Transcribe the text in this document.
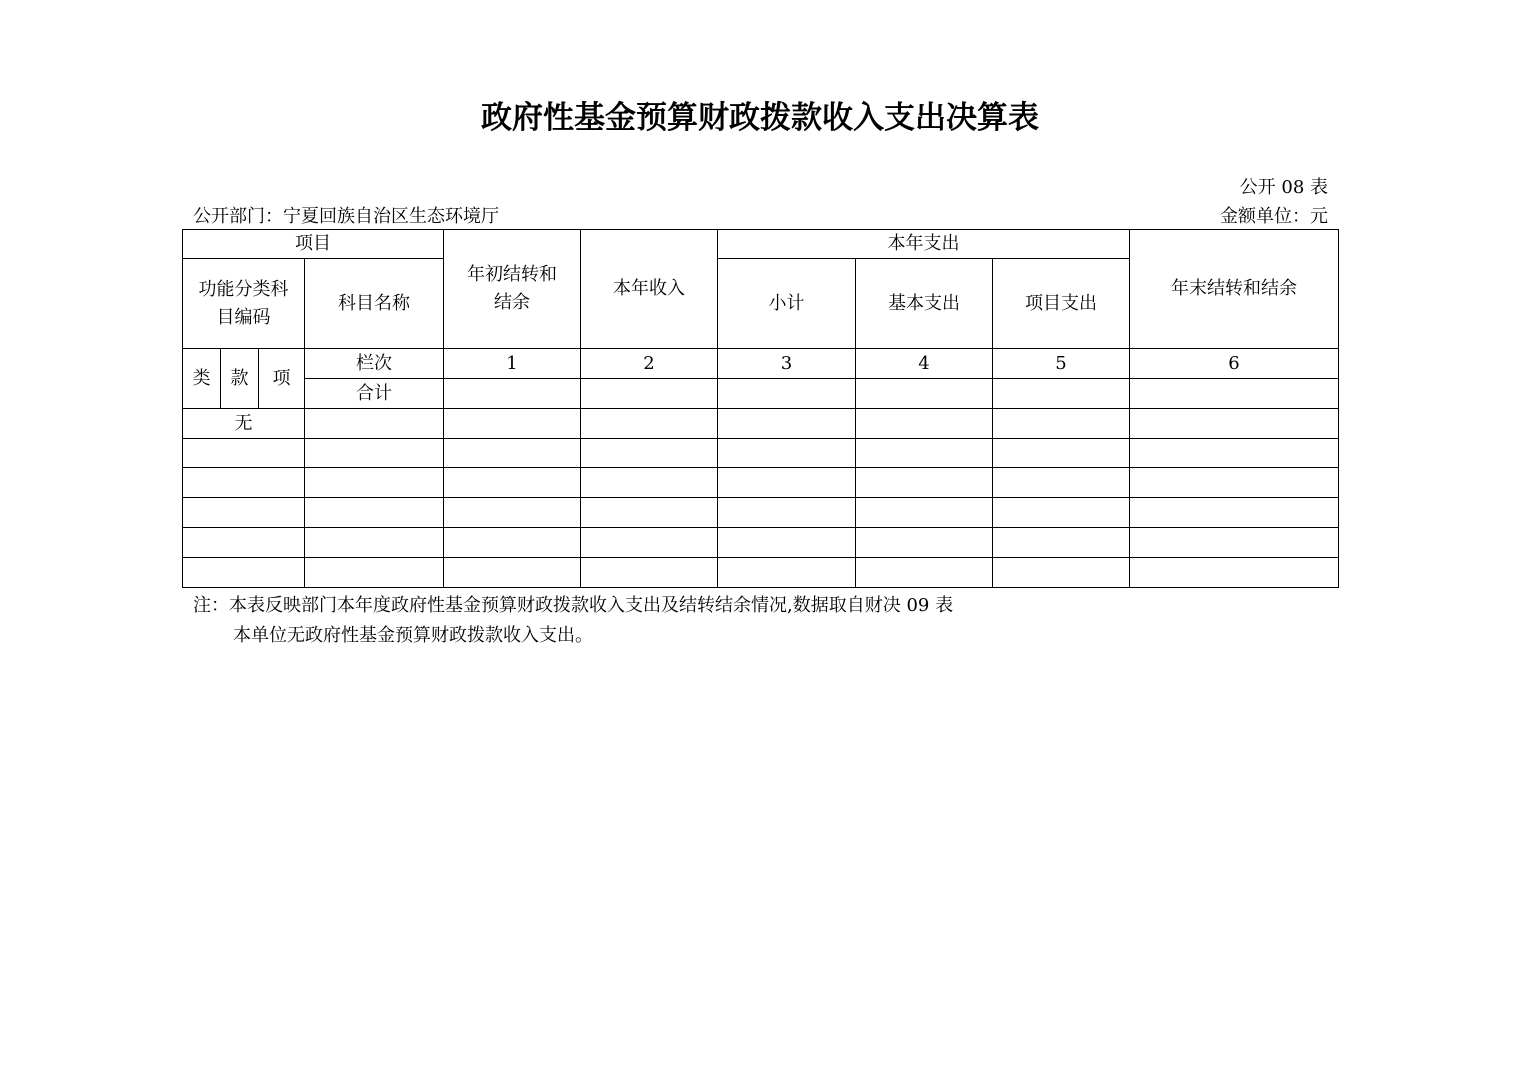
政府性基金预算财政拨款收入支出决算表
公开 08 表
公开部门：宁夏回族自治区生态环境厅	金额单位：元
项目				年初结转和结余	本年收入	本年支出			年末结转和结余
功能分类科目编码			科目名称			小计	基本支出	项目支出	
类	款	项	栏次	1	2	3	4	5	6
			合计						
无									

注：本表反映部门本年度政府性基金预算财政拨款收入支出及结转结余情况,数据取自财决 09 表
本单位无政府性基金预算财政拨款收入支出。
